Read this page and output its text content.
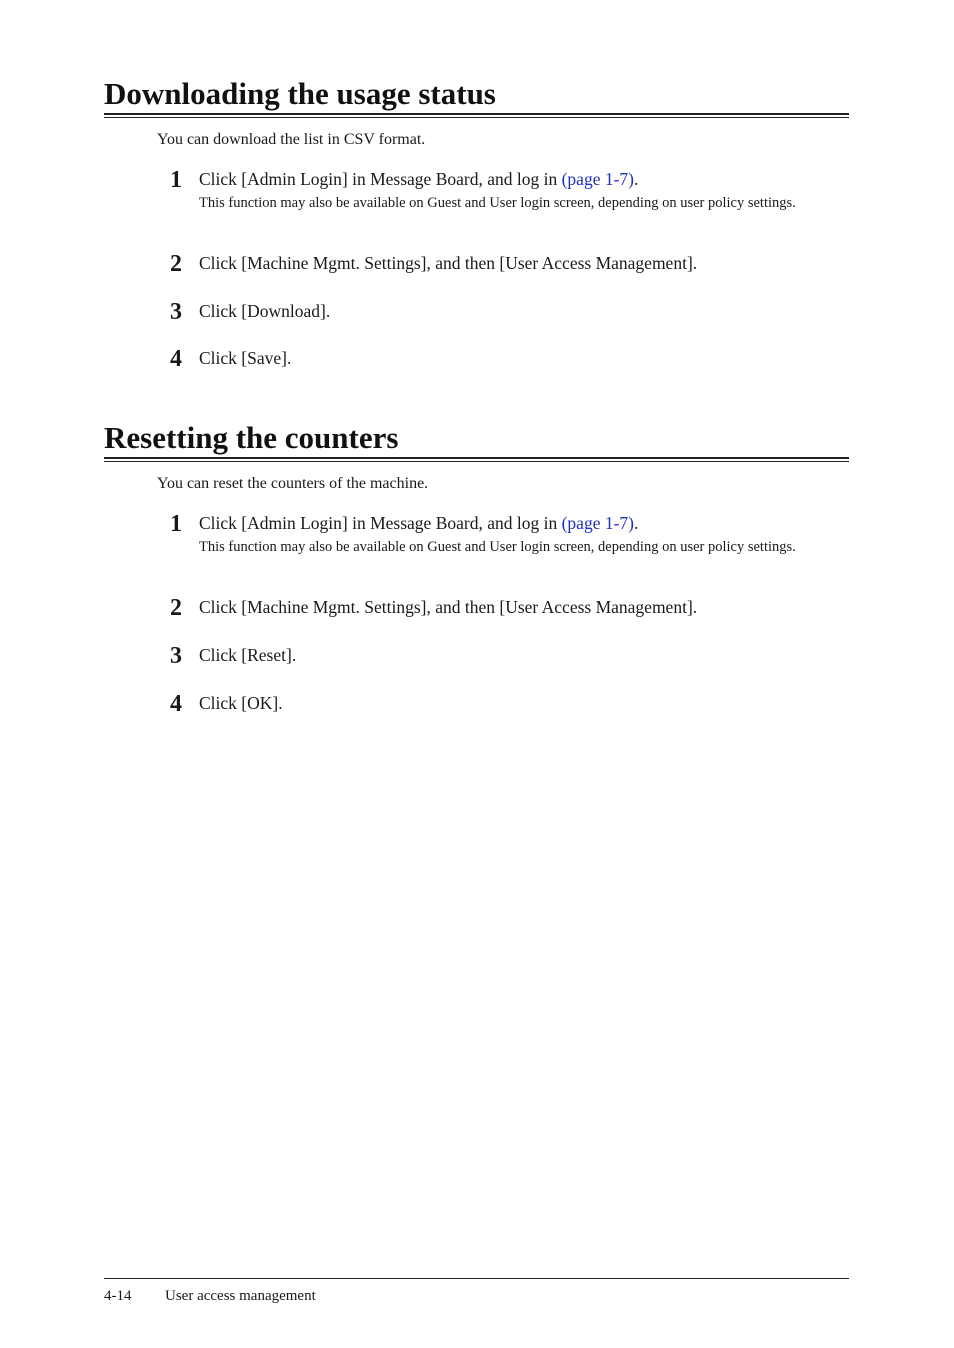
Downloading the usage status

You can download the list in CSV format.

1 Click [Admin Login] in Message Board, and log in (page 1-7).
This function may also be available on Guest and User login screen, depending on user policy settings.
2 Click [Machine Mgmt. Settings], and then [User Access Management].
3 Click [Download].
4 Click [Save].
Resetting the counters

You can reset the counters of the machine.

1 Click [Admin Login] in Message Board, and log in (page 1-7).
This function may also be available on Guest and User login screen, depending on user policy settings.
2 Click [Machine Mgmt. Settings], and then [User Access Management].
3 Click [Reset].
4 Click [OK].
4-14 User access management
